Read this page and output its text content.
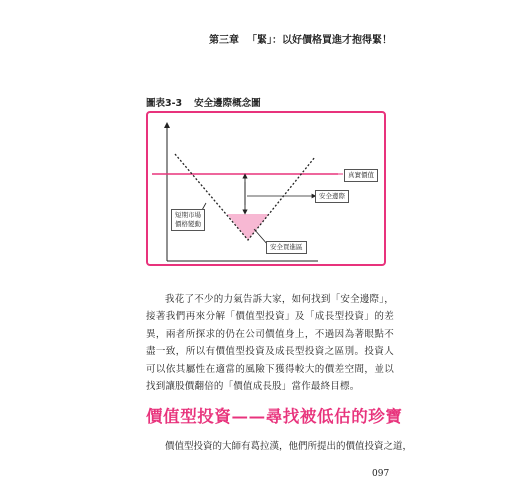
第三章 「緊」：以好價格買進才抱得緊！
圖表3-3 安全邊際概念圖
真實價值
安全邊際
短期市場
價格變動
安全買進區
我花了不少的力氣告訴大家，如何找到「安全邊際」，接著我們再來分解「價值型投資」及「成長型投資」的差異，兩者所探求的仍在公司價值身上，不過因為著眼點不盡一致，所以有價值型投資及成長型投資之區別。投資人可以依其屬性在適當的風險下獲得較大的價差空間，並以找到讓股價翻倍的「價值成長股」當作最終目標。
價值型投資——尋找被低估的珍寶
價值型投資的大師有葛拉漢，他們所提出的價值投資之道，
097
